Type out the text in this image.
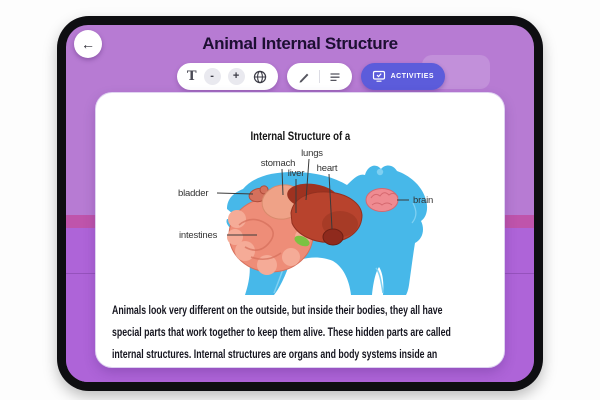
←	Animal Internal Structure
T	-	+	ACTIVITIES
Internal Structure of a
lungs
stomach
liver heart
bladder
intestines
brain
Animals look very different on the outside, but inside their bodies, they all have
special parts that work together to keep them alive. These hidden parts are called
internal structures. Internal structures are organs and body systems inside an
